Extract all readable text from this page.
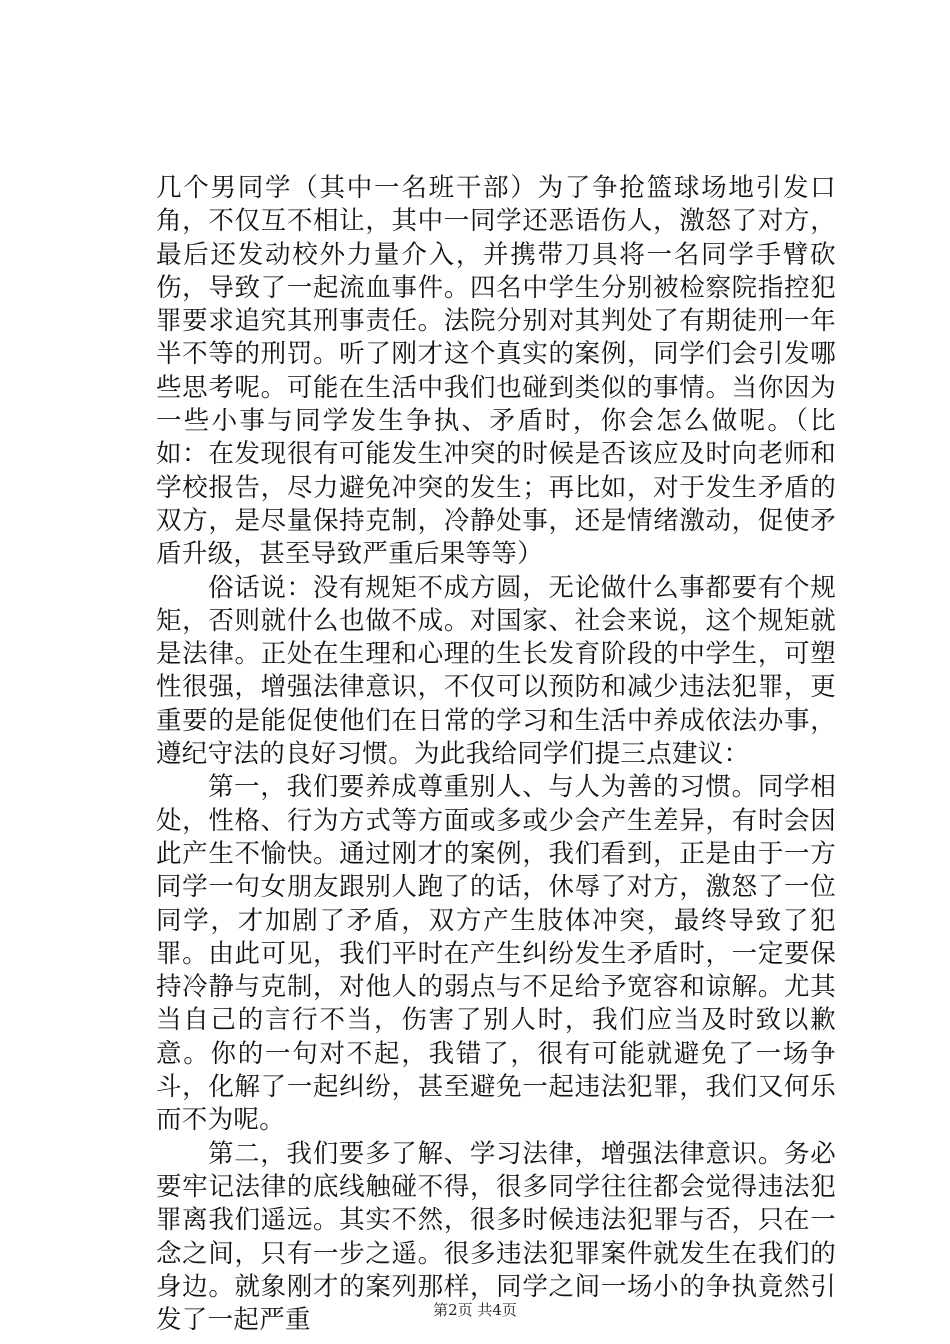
几个男同学（其中一名班干部）为了争抢篮球场地引发口角，不仅互不相让，其中一同学还恶语伤人，激怒了对方，最后还发动校外力量介入，并携带刀具将一名同学手臂砍伤，导致了一起流血事件。四名中学生分别被检察院指控犯罪要求追究其刑事责任。法院分别对其判处了有期徒刑一年半不等的刑罚。听了刚才这个真实的案例，同学们会引发哪些思考呢。可能在生活中我们也碰到类似的事情。当你因为一些小事与同学发生争执、矛盾时，你会怎么做呢。（比如：在发现很有可能发生冲突的时候是否该应及时向老师和学校报告，尽力避免冲突的发生；再比如，对于发生矛盾的双方，是尽量保持克制，冷静处事，还是情绪激动，促使矛盾升级，甚至导致严重后果等等）

俗话说：没有规矩不成方圆，无论做什么事都要有个规矩，否则就什么也做不成。对国家、社会来说，这个规矩就是法律。正处在生理和心理的生长发育阶段的中学生，可塑性很强，增强法律意识，不仅可以预防和减少违法犯罪，更重要的是能促使他们在日常的学习和生活中养成依法办事，遵纪守法的良好习惯。为此我给同学们提三点建议：

第一，我们要养成尊重别人、与人为善的习惯。同学相处，性格、行为方式等方面或多或少会产生差异，有时会因此产生不愉快。通过刚才的案例，我们看到，正是由于一方同学一句女朋友跟别人跑了的话，休辱了对方，激怒了一位同学，才加剧了矛盾，双方产生肢体冲突，最终导致了犯罪。由此可见，我们平时在产生纠纷发生矛盾时，一定要保持冷静与克制，对他人的弱点与不足给予宽容和谅解。尤其当自己的言行不当，伤害了别人时，我们应当及时致以歉意。你的一句对不起，我错了，很有可能就避免了一场争斗，化解了一起纠纷，甚至避免一起违法犯罪，我们又何乐而不为呢。

第二，我们要多了解、学习法律，增强法律意识。务必要牢记法律的底线触碰不得，很多同学往往都会觉得违法犯罪离我们遥远。其实不然，很多时候违法犯罪与否，只在一念之间，只有一步之遥。很多违法犯罪案件就发生在我们的身边。就象刚才的案列那样，同学之间一场小的争执竟然引发了一起严重	第2页 共4页
